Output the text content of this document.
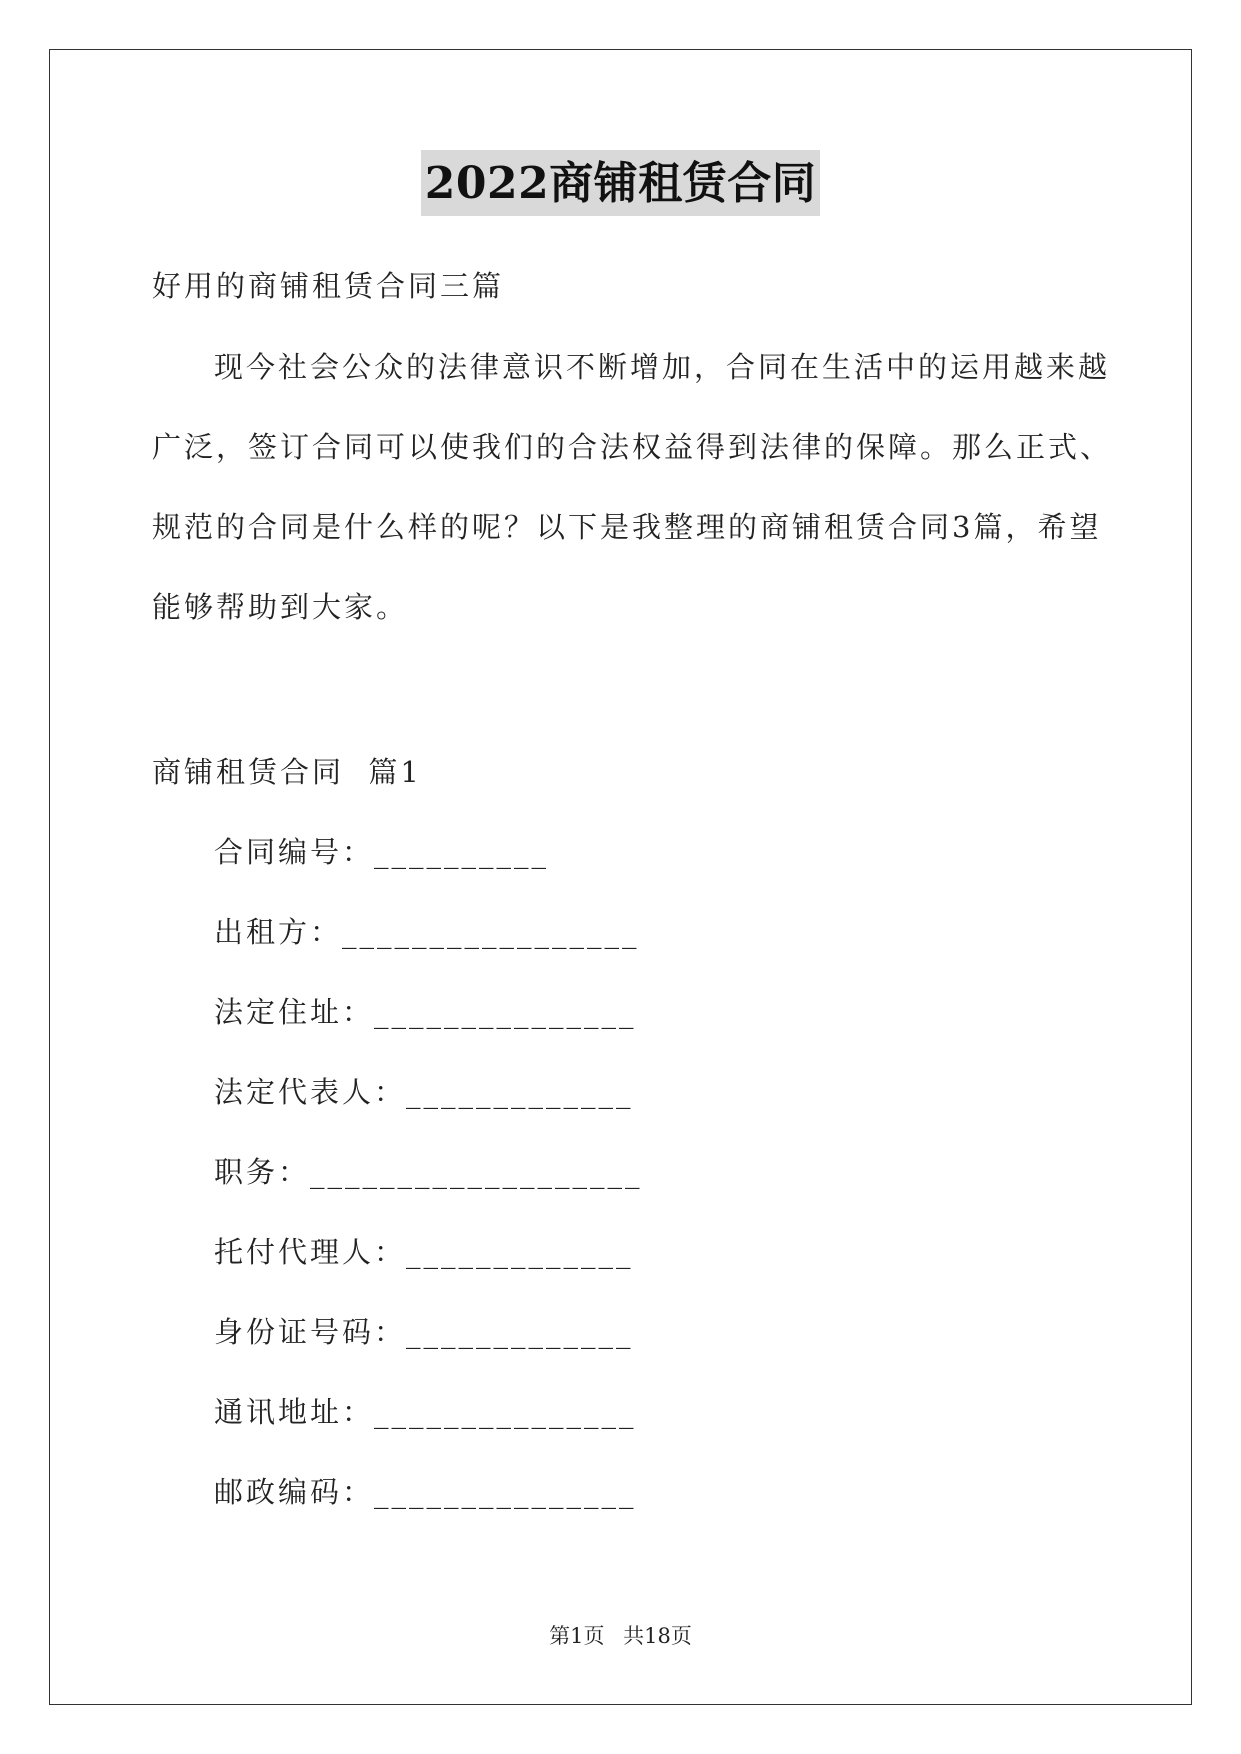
2022商铺租赁合同
好用的商铺租赁合同三篇
现今社会公众的法律意识不断增加，合同在生活中的运用越来越
广泛，签订合同可以使我们的合法权益得到法律的保障。那么正式、
规范的合同是什么样的呢？以下是我整理的商铺租赁合同3篇，希望
能够帮助到大家。
商铺租赁合同  篇1
合同编号：__________
出租方：_________________
法定住址：_______________
法定代表人：_____________
职务：___________________
托付代理人：_____________
身份证号码：_____________
通讯地址：_______________
邮政编码：_______________
第1页 共18页
